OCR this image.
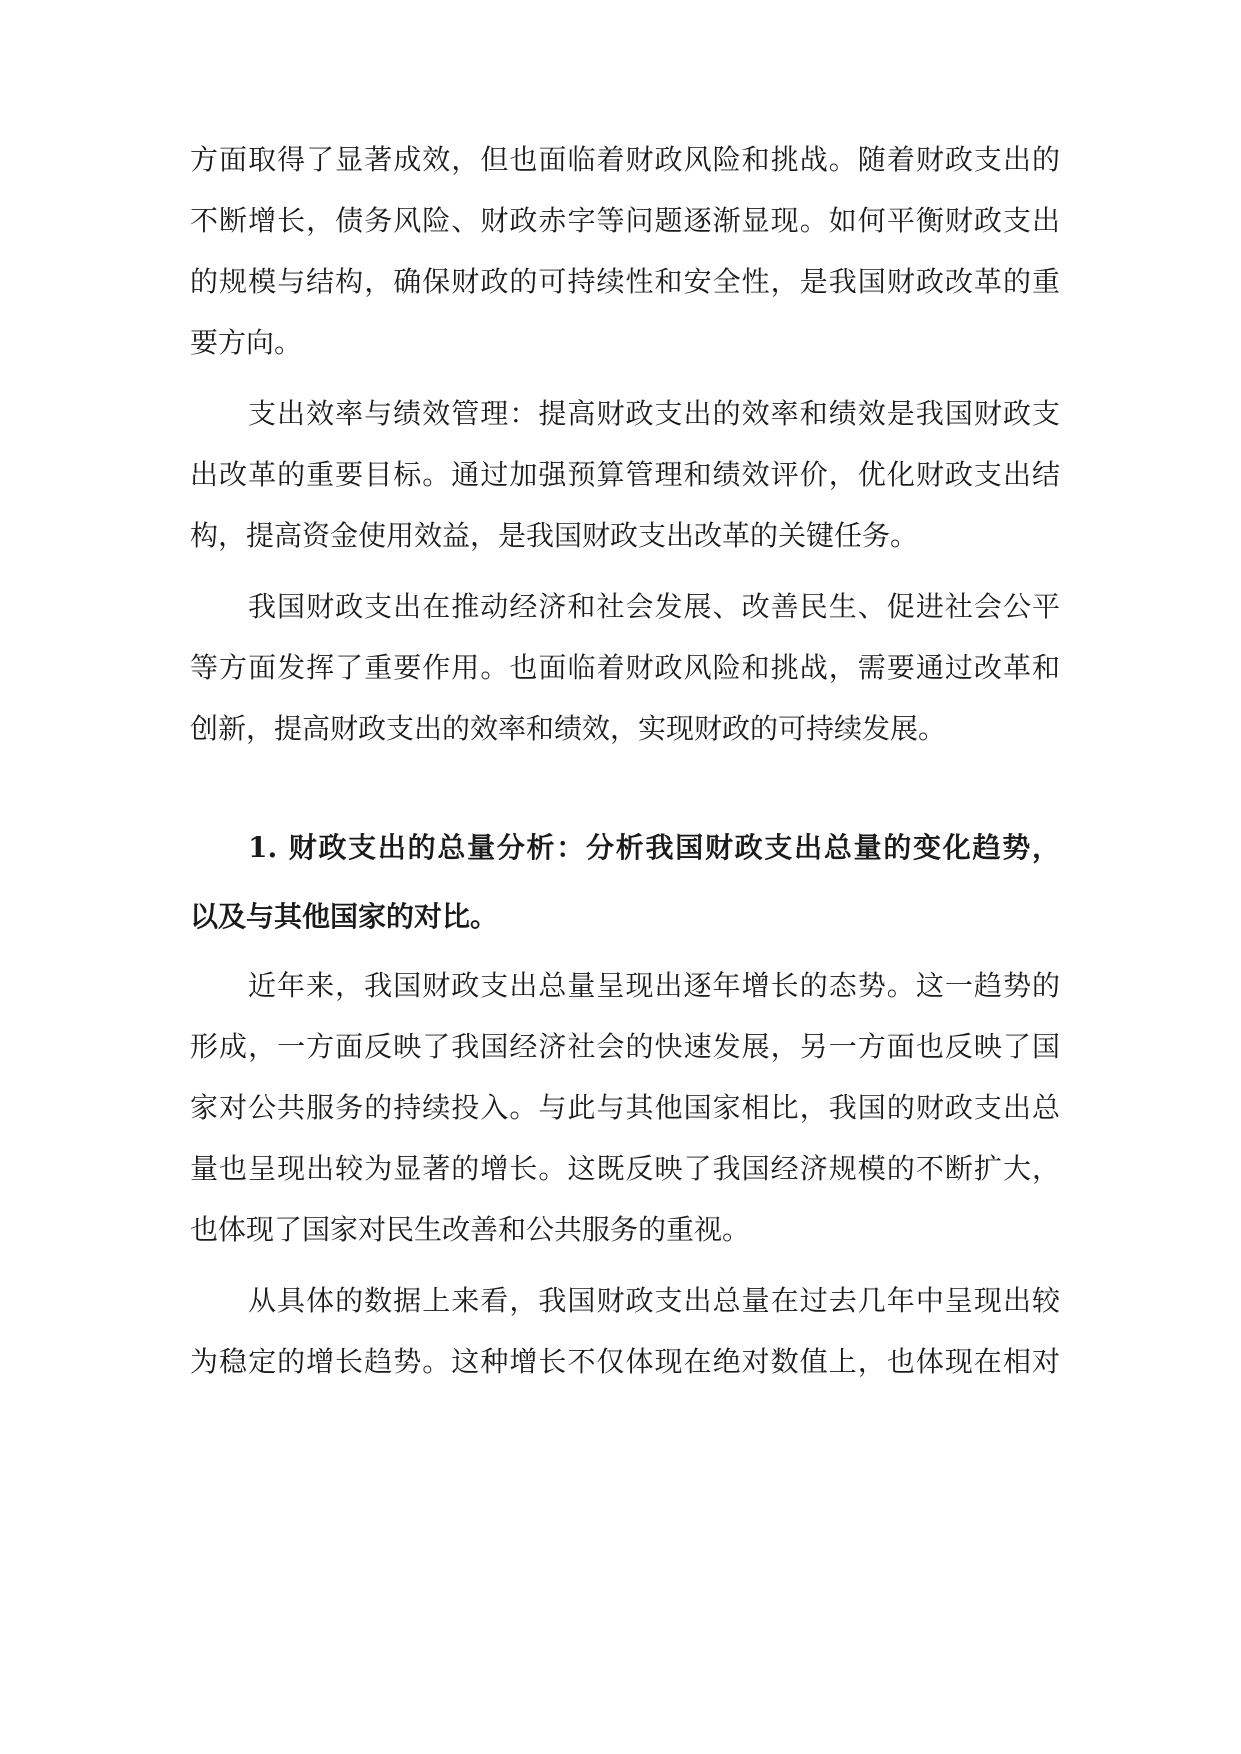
方面取得了显著成效，但也面临着财政风险和挑战。随着财政支出的
不断增长，债务风险、财政赤字等问题逐渐显现。如何平衡财政支出
的规模与结构，确保财政的可持续性和安全性，是我国财政改革的重
要方向。
支出效率与绩效管理：提高财政支出的效率和绩效是我国财政支
出改革的重要目标。通过加强预算管理和绩效评价，优化财政支出结
构，提高资金使用效益，是我国财政支出改革的关键任务。
我国财政支出在推动经济和社会发展、改善民生、促进社会公平
等方面发挥了重要作用。也面临着财政风险和挑战，需要通过改革和
创新，提高财政支出的效率和绩效，实现财政的可持续发展。
1. 财政支出的总量分析：分析我国财政支出总量的变化趋势，
以及与其他国家的对比。
近年来，我国财政支出总量呈现出逐年增长的态势。这一趋势的
形成，一方面反映了我国经济社会的快速发展，另一方面也反映了国
家对公共服务的持续投入。与此与其他国家相比，我国的财政支出总
量也呈现出较为显著的增长。这既反映了我国经济规模的不断扩大，
也体现了国家对民生改善和公共服务的重视。
从具体的数据上来看，我国财政支出总量在过去几年中呈现出较
为稳定的增长趋势。这种增长不仅体现在绝对数值上，也体现在相对
